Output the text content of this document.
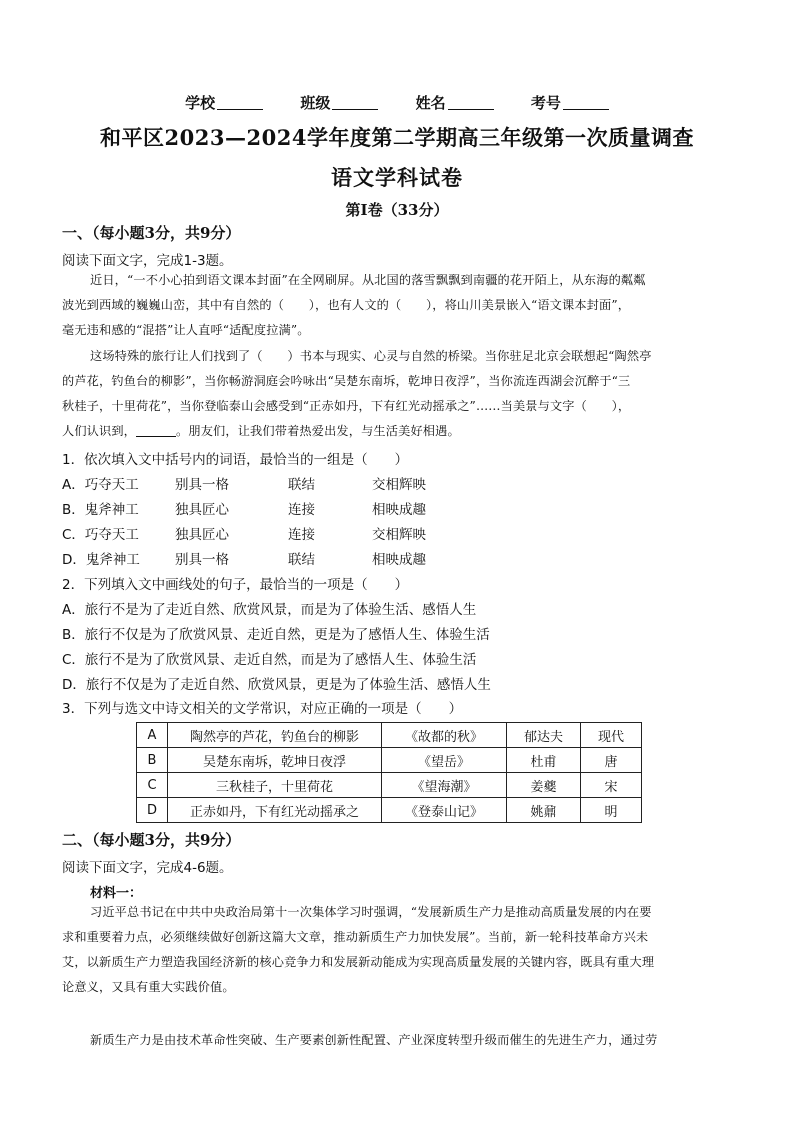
学校	班级	姓名	考号
和平区2023—2024学年度第二学期高三年级第一次质量调查
语文学科试卷
第Ⅰ卷（33分）
一、（每小题3分，共9分）
阅读下面文字，完成1-3题。
近日，“一不小心拍到语文课本封面”在全网刷屏。从北国的落雪飘飘到南疆的花开陌上，从东海的粼粼
波光到西域的巍巍山峦，其中有自然的（　　），也有人文的（　　），将山川美景嵌入“语文课本封面”，
毫无违和感的“混搭”让人直呼“适配度拉满”。
这场特殊的旅行让人们找到了（　　）书本与现实、心灵与自然的桥梁。当你驻足北京会联想起“陶然亭
的芦花，钓鱼台的柳影”，当你畅游洞庭会吟咏出“吴楚东南坼，乾坤日夜浮”，当你流连西湖会沉醉于“三
秋桂子，十里荷花”，当你登临泰山会感受到“正赤如丹，下有红光动摇承之”……当美景与文字（　　），
人们认识到，	。朋友们，让我们带着热爱出发，与生活美好相遇。
1．依次填入文中括号内的词语，最恰当的一组是（　　）
A．巧夺天工	别具一格	联结	交相辉映
B．鬼斧神工	独具匠心	连接	相映成趣
C．巧夺天工	独具匠心	连接	交相辉映
D．鬼斧神工	别具一格	联结	相映成趣
2．下列填入文中画线处的句子，最恰当的一项是（　　）
A．旅行不是为了走近自然、欣赏风景，而是为了体验生活、感悟人生
B．旅行不仅是为了欣赏风景、走近自然，更是为了感悟人生、体验生活
C．旅行不是为了欣赏风景、走近自然，而是为了感悟人生、体验生活
D．旅行不仅是为了走近自然、欣赏风景，更是为了体验生活、感悟人生
3．下列与选文中诗文相关的文学常识，对应正确的一项是（　　）
A	陶然亭的芦花，钓鱼台的柳影	《故都的秋》	郁达夫	现代
B	吴楚东南坼，乾坤日夜浮	《望岳》	杜甫	唐
C	三秋桂子，十里荷花	《望海潮》	姜夔	宋
D	正赤如丹，下有红光动摇承之	《登泰山记》	姚鼐	明
二、（每小题3分，共9分）
阅读下面文字，完成4-6题。
材料一：
习近平总书记在中共中央政治局第十一次集体学习时强调，“发展新质生产力是推动高质量发展的内在要
求和重要着力点，必须继续做好创新这篇大文章，推动新质生产力加快发展”。当前，新一轮科技革命方兴未
艾，以新质生产力塑造我国经济新的核心竞争力和发展新动能成为实现高质量发展的关键内容，既具有重大理
论意义，又具有重大实践价值。
新质生产力是由技术革命性突破、生产要素创新性配置、产业深度转型升级而催生的先进生产力，通过劳
